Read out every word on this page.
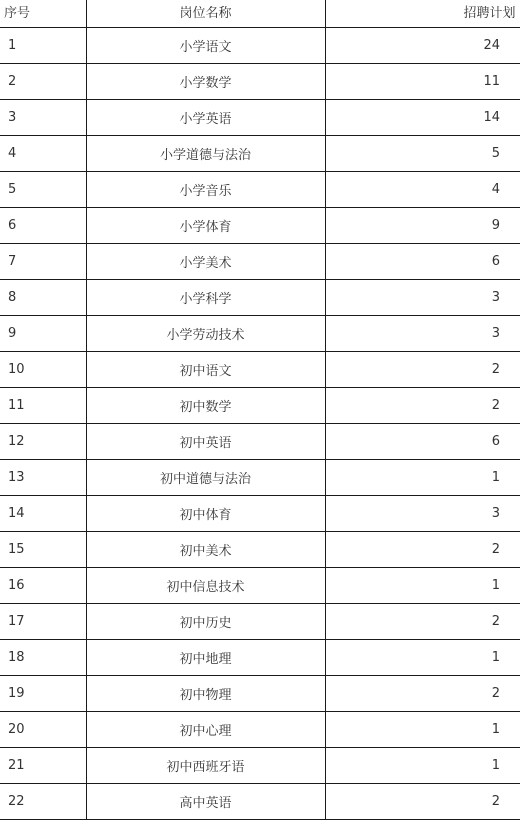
序号	岗位名称	招聘计划
1	小学语文	24
2	小学数学	11
3	小学英语	14
4	小学道德与法治	5
5	小学音乐	4
6	小学体育	9
7	小学美术	6
8	小学科学	3
9	小学劳动技术	3
10	初中语文	2
11	初中数学	2
12	初中英语	6
13	初中道德与法治	1
14	初中体育	3
15	初中美术	2
16	初中信息技术	1
17	初中历史	2
18	初中地理	1
19	初中物理	2
20	初中心理	1
21	初中西班牙语	1
22	高中英语	2
